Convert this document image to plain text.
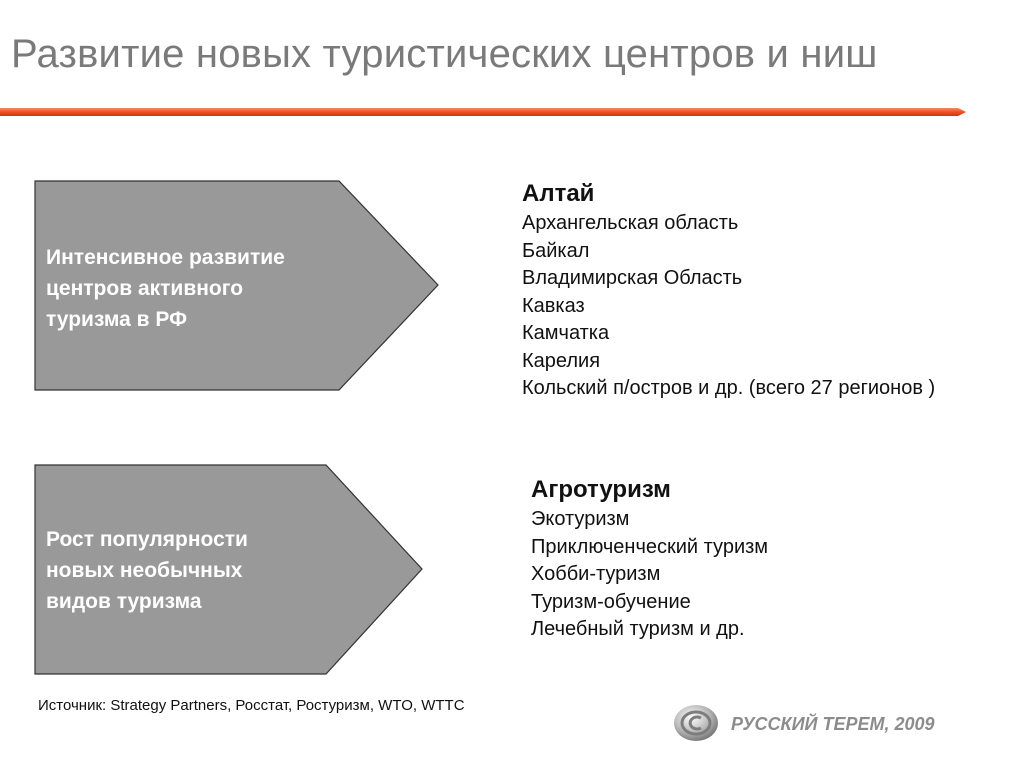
Развитие новых туристических центров и ниш
Интенсивное развитие
центров активного
туризма в РФ
Алтай
Архангельская область
Байкал
Владимирская Область
Кавказ
Камчатка
Карелия
Кольский п/остров и др. (всего 27 регионов )
Рост популярности
новых необычных
видов туризма
Агротуризм
Экотуризм
Приключенческий туризм
Хобби-туризм
Туризм-обучение
Лечебный туризм и др.
Источник: Strategy Partners, Росстат, Ростуризм, WTO, WTTC
РУССКИЙ ТЕРЕМ, 2009
